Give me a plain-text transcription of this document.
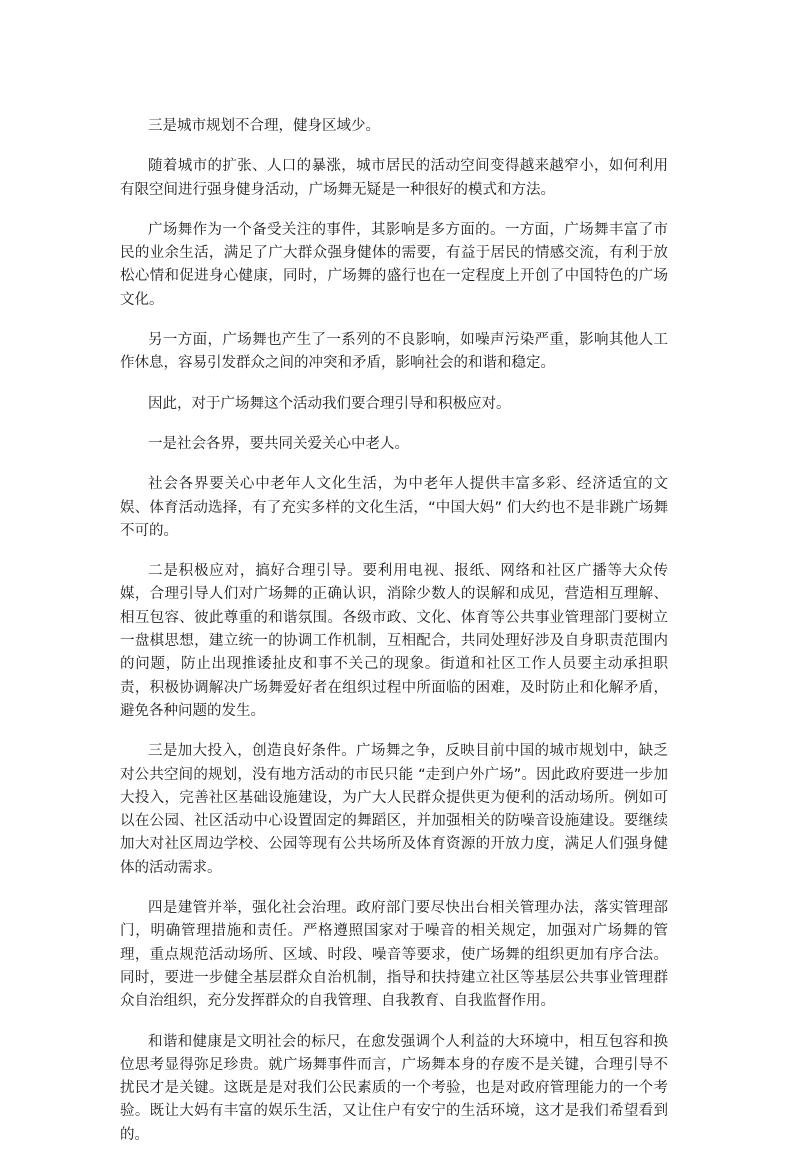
三是城市规划不合理，健身区域少。

随着城市的扩张、人口的暴涨，城市居民的活动空间变得越来越窄小，如何利用有限空间进行强身健身活动，广场舞无疑是一种很好的模式和方法。

广场舞作为一个备受关注的事件，其影响是多方面的。一方面，广场舞丰富了市民的业余生活，满足了广大群众强身健体的需要，有益于居民的情感交流，有利于放松心情和促进身心健康，同时，广场舞的盛行也在一定程度上开创了中国特色的广场文化。

另一方面，广场舞也产生了一系列的不良影响，如噪声污染严重，影响其他人工作休息，容易引发群众之间的冲突和矛盾，影响社会的和谐和稳定。

因此，对于广场舞这个活动我们要合理引导和积极应对。

一是社会各界，要共同关爱关心中老人。

社会各界要关心中老年人文化生活，为中老年人提供丰富多彩、经济适宜的文娱、体育活动选择，有了充实多样的文化生活，“中国大妈” 们大约也不是非跳广场舞不可的。

二是积极应对，搞好合理引导。要利用电视、报纸、网络和社区广播等大众传媒，合理引导人们对广场舞的正确认识，消除少数人的误解和成见，营造相互理解、相互包容、彼此尊重的和谐氛围。各级市政、文化、体育等公共事业管理部门要树立一盘棋思想，建立统一的协调工作机制，互相配合，共同处理好涉及自身职责范围内的问题，防止出现推诿扯皮和事不关己的现象。街道和社区工作人员要主动承担职责，积极协调解决广场舞爱好者在组织过程中所面临的困难，及时防止和化解矛盾，避免各种问题的发生。

三是加大投入，创造良好条件。广场舞之争，反映目前中国的城市规划中，缺乏对公共空间的规划，没有地方活动的市民只能 “走到户外广场”。因此政府要进一步加大投入，完善社区基础设施建设，为广大人民群众提供更为便利的活动场所。例如可以在公园、社区活动中心设置固定的舞蹈区，并加强相关的防噪音设施建设。要继续加大对社区周边学校、公园等现有公共场所及体育资源的开放力度，满足人们强身健体的活动需求。

四是建管并举，强化社会治理。政府部门要尽快出台相关管理办法，落实管理部门，明确管理措施和责任。严格遵照国家对于噪音的相关规定，加强对广场舞的管理，重点规范活动场所、区域、时段、噪音等要求，使广场舞的组织更加有序合法。同时，要进一步健全基层群众自治机制，指导和扶持建立社区等基层公共事业管理群众自治组织，充分发挥群众的自我管理、自我教育、自我监督作用。

和谐和健康是文明社会的标尺，在愈发强调个人利益的大环境中，相互包容和换位思考显得弥足珍贵。就广场舞事件而言，广场舞本身的存废不是关键，合理引导不扰民才是关键。这既是是对我们公民素质的一个考验，也是对政府管理能力的一个考验。既让大妈有丰富的娱乐生活，又让住户有安宁的生活环境，这才是我们希望看到的。
